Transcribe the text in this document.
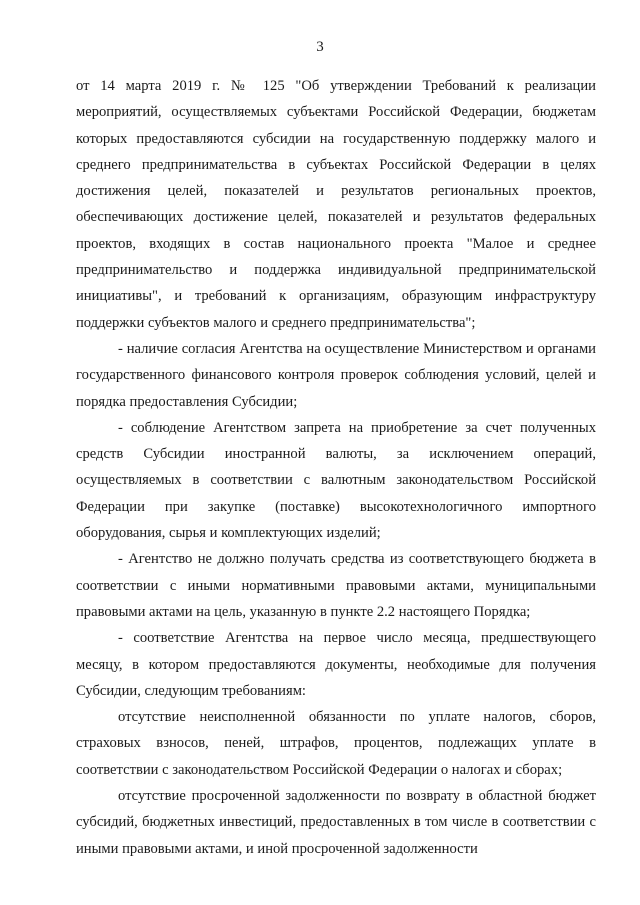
3

от 14 марта 2019 г. № 125 "Об утверждении Требований к реализации мероприятий, осуществляемых субъектами Российской Федерации, бюджетам которых предоставляются субсидии на государственную поддержку малого и среднего предпринимательства в субъектах Российской Федерации в целях достижения целей, показателей и результатов региональных проектов, обеспечивающих достижение целей, показателей и результатов федеральных проектов, входящих в состав национального проекта "Малое и среднее предпринимательство и поддержка индивидуальной предпринимательской инициативы", и требований к организациям, образующим инфраструктуру поддержки субъектов малого и среднего предпринимательства";

- наличие согласия Агентства на осуществление Министерством и органами государственного финансового контроля проверок соблюдения условий, целей и порядка предоставления Субсидии;

- соблюдение Агентством запрета на приобретение за счет полученных средств Субсидии иностранной валюты, за исключением операций, осуществляемых в соответствии с валютным законодательством Российской Федерации при закупке (поставке) высокотехнологичного импортного оборудования, сырья и комплектующих изделий;

- Агентство не должно получать средства из соответствующего бюджета в соответствии с иными нормативными правовыми актами, муниципальными правовыми актами на цель, указанную в пункте 2.2 настоящего Порядка;

- соответствие Агентства на первое число месяца, предшествующего месяцу, в котором предоставляются документы, необходимые для получения Субсидии, следующим требованиям:

отсутствие неисполненной обязанности по уплате налогов, сборов, страховых взносов, пеней, штрафов, процентов, подлежащих уплате в соответствии с законодательством Российской Федерации о налогах и сборах;

отсутствие просроченной задолженности по возврату в областной бюджет субсидий, бюджетных инвестиций, предоставленных в том числе в соответствии с иными правовыми актами, и иной просроченной задолженности
